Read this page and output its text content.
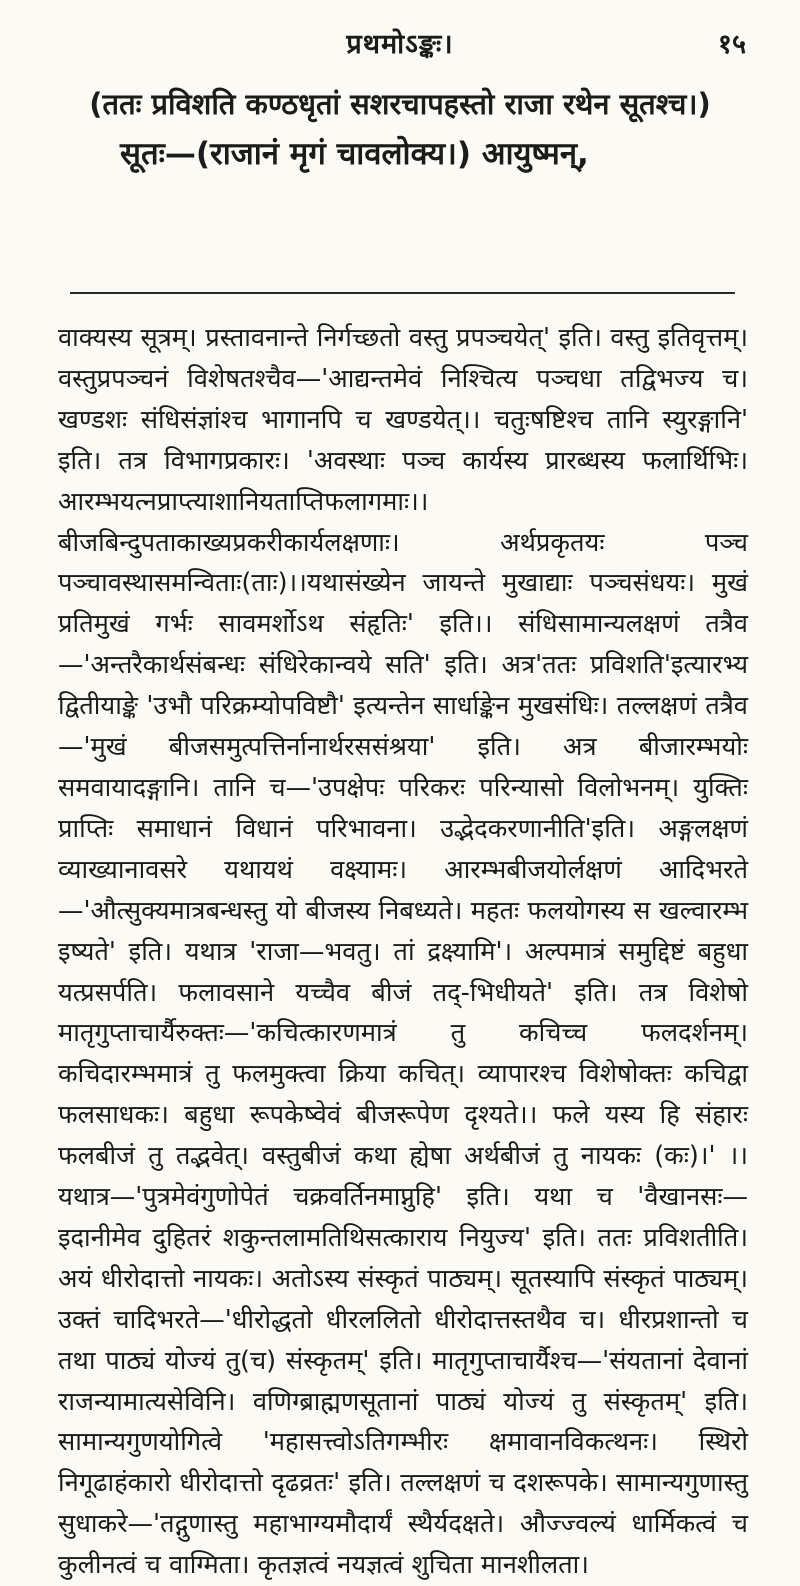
प्रथमोऽङ्कः।	१५
(ततः प्रविशति कण्ठधृतां सशरचापहस्तो राजा रथेन सूतश्च।)
सूतः—(राजानं मृगं चावलोक्य।) आयुष्मन्,

वाक्यस्य सूत्रम्। प्रस्तावनान्ते निर्गच्छतो वस्तु प्रपञ्चयेत्' इति। वस्तु इतिवृत्तम्। वस्तुप्रपञ्चनं विशेषतश्चैव—'आद्यन्तमेवं निश्चित्य पञ्चधा तद्विभज्य च। खण्डशः संधिसंज्ञांश्च भागानपि च खण्डयेत्।। चतुःषष्टिश्च तानि स्युरङ्गानि' इति। तत्र विभागप्रकारः। 'अवस्थाः पञ्च कार्यस्य प्रारब्धस्य फलार्थिभिः। आरम्भयत्नप्राप्त्याशानियताप्तिफलागमाः।। बीजबिन्दुपताकाख्यप्रकरीकार्यलक्षणाः। अर्थप्रकृतयः पञ्च पञ्चावस्थासमन्विताः(ताः)।।यथासंख्येन जायन्ते मुखाद्याः पञ्चसंधयः। मुखं प्रतिमुखं गर्भः सावमर्शोऽथ संहृतिः' इति।। संधिसामान्यलक्षणं तत्रैव—'अन्तरैकार्थसंबन्धः संधिरेकान्वये सति' इति। अत्र'ततः प्रविशति'इत्यारभ्य द्वितीयाङ्के 'उभौ परिक्रम्योपविष्टौ' इत्यन्तेन सार्धाङ्केन मुखसंधिः। तल्लक्षणं तत्रैव—'मुखं बीजसमुत्पत्तिर्नानार्थरससंश्रया' इति। अत्र बीजारम्भयोः समवायादङ्गानि। तानि च—'उपक्षेपः परिकरः परिन्यासो विलोभनम्। युक्तिः प्राप्तिः समाधानं विधानं परिभावना। उद्भेदकरणानीति'इति। अङ्गलक्षणं व्याख्यानावसरे यथायथं वक्ष्यामः। आरम्भबीजयोर्लक्षणं आदिभरते—'औत्सुक्यमात्रबन्धस्तु यो बीजस्य निबध्यते। महतः फलयोगस्य स खल्वारम्भ इष्यते' इति। यथात्र 'राजा—भवतु। तां द्रक्ष्यामि'। अल्पमात्रं समुद्दिष्टं बहुधा यत्प्रसर्पति। फलावसाने यच्चैव बीजं तद्-भिधीयते' इति। तत्र विशेषो मातृगुप्ताचार्यैरुक्तः—'कचित्कारणमात्रं तु कचिच्च फलदर्शनम्। कचिदारम्भमात्रं तु फलमुक्त्वा क्रिया कचित्। व्यापारश्च विशेषोक्तः कचिद्वा फलसाधकः। बहुधा रूपकेष्वेवं बीजरूपेण दृश्यते।। फले यस्य हि संहारः फलबीजं तु तद्भवेत्। वस्तुबीजं कथा ह्येषा अर्थबीजं तु नायकः (कः)।' ।। यथात्र—'पुत्रमेवंगुणोपेतं चक्रवर्तिनमाप्नुहि' इति। यथा च 'वैखानसः—इदानीमेव दुहितरं शकुन्तलामतिथिसत्काराय नियुज्य' इति। ततः प्रविशतीति। अयं धीरोदात्तो नायकः। अतोऽस्य संस्कृतं पाठ्यम्। सूतस्यापि संस्कृतं पाठ्यम्। उक्तं चादिभरते—'धीरोद्धतो धीरललितो धीरोदात्तस्तथैव च। धीरप्रशान्तो च तथा पाठ्यं योज्यं तु(च) संस्कृतम्' इति। मातृगुप्ताचार्यैश्च—'संयतानां देवानां राजन्यामात्यसेविनि। वणिग्ब्राह्मणसूतानां पाठ्यं योज्यं तु संस्कृतम्' इति। सामान्यगुणयोगित्वे 'महासत्त्वोऽतिगम्भीरः क्षमावानविकत्थनः। स्थिरो निगूढाहंकारो धीरोदात्तो दृढव्रतः' इति। तल्लक्षणं च दशरूपके। सामान्यगुणास्तु सुधाकरे—'तद्गुणास्तु महाभाग्यमौदार्यं स्थैर्यदक्षते। औज्ज्वल्यं धार्मिकत्वं च कुलीनत्वं च वाग्मिता। कृतज्ञत्वं नयज्ञत्वं शुचिता मानशीलता।
